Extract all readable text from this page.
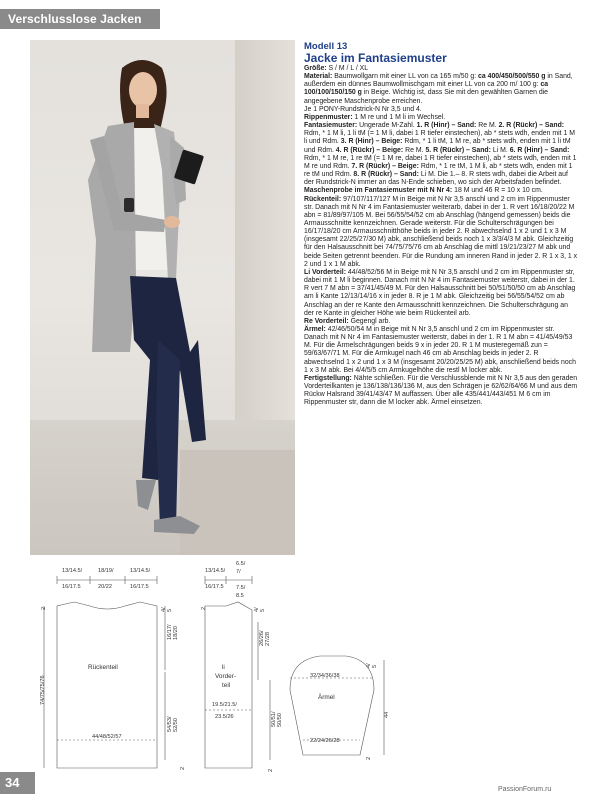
Verschlusslose Jacken
Modell 13
Jacke im Fantasiemuster

Größe: S / M / L / XL

Material: Baumwollgarn mit einer LL von ca 165 m/50 g: ca 400/450/500/550 g in Sand, außerdem ein dünnes Baumwollmischgarn mit einer LL von ca 200 m/ 100 g: ca 100/100/150/150 g in Beige. Wichtig ist, dass Sie mit den gewählten Garnen die angegebene Maschenprobe erreichen.

Je 1 PONY-Rundstrick-N Nr 3,5 und 4.

Rippenmuster: 1 M re und 1 M li im Wechsel.

Fantasiemuster: Ungerade M-Zahl. 1. R (Hinr) – Sand: Re M. 2. R (Rückr) – Sand: Rdm, * 1 M li, 1 li tM (= 1 M li, dabei 1 R tiefer einstechen), ab * stets wdh, enden mit 1 M li und Rdm. 3. R (Hinr) – Beige: Rdm, * 1 li tM, 1 M re, ab * stets wdh, enden mit 1 li tM und Rdm. 4. R (Rückr) – Beige: Re M. 5. R (Rückr) – Sand: Li M. 6. R (Hinr) – Sand: Rdm, * 1 M re, 1 re tM (= 1 M re, dabei 1 R tiefer einstechen), ab * stets wdh, enden mit 1 M re und Rdm. 7. R (Rückr) – Beige: Rdm, * 1 re tM, 1 M li, ab * stets wdh, enden mit 1 re tM und Rdm. 8. R (Rückr) – Sand: Li M. Die 1.– 8. R stets wdh, dabei die Arbeit auf der Rundstrick-N immer an das N-Ende schieben, wo sich der Arbeitsfaden befindet.

Maschenprobe im Fantasiemuster mit N Nr 4: 18 M und 46 R = 10 x 10 cm.

Rückenteil: 97/107/117/127 M in Beige mit N Nr 3,5 anschl und 2 cm im Rippenmuster str. Danach mit N Nr 4 im Fantasiemuster weiterarb, dabei in der 1. R vert 16/18/20/22 M abn = 81/89/97/105 M. Bei 56/55/54/52 cm ab Anschlag (hängend gemessen) beids die Armausschnitte kennzeichnen. Gerade weiterstr. Für die Schulterschrägungen bei 16/17/18/20 cm Armausschnitthöhe beids in jeder 2. R abwechselnd 1 x 2 und 1 x 3 M (insgesamt 22/25/27/30 M) abk, anschließend beids noch 1 x 3/3/4/3 M abk. Gleichzeitig für den Halsausschnitt bei 74/75/75/76 cm ab Anschlag die mittl 19/21/23/27 M abk und beide Seiten getrennt beenden. Für die Rundung am inneren Rand in jeder 2. R 1 x 3, 1 x 2 und 1 x 1 M abk.

Li Vorderteil: 44/48/52/56 M in Beige mit N Nr 3,5 anschl und 2 cm im Rippenmuster str, dabei mit 1 M li beginnen. Danach mit N Nr 4 im Fantasiemuster weiterstr, dabei in der 1. R vert 7 M abn = 37/41/45/49 M. Für den Halsausschnitt bei 50/51/50/50 cm ab Anschlag am li Kante 12/13/14/16 x in jeder 8. R je 1 M abk. Gleichzeitig bei 56/55/54/52 cm ab Anschlag an der re Kante den Armausschnitt kennzeichnen. Die Schulterschrägung an der re Kante in gleicher Höhe wie beim Rückenteil arb.

Re Vorderteil: Gegengl arb.

Ärmel: 42/46/50/54 M in Beige mit N Nr 3,5 anschl und 2 cm im Rippenmuster str. Danach mit N Nr 4 im Fantasiemuster weiterstr, dabei in der 1. R 1 M abn = 41/45/49/53 M. Für die Ärmelschrägungen beids 9 x in jeder 20. R 1 M musteregemäß zun = 59/63/67/71 M. Für die Armkugel nach 46 cm ab Anschlag beids in jeder 2. R abwechselnd 1 x 2 und 1 x 3 M (insgesamt 20/20/25/25 M) abk, anschließend beids noch 1 x 3 M abk. Bei 4/4/5/5 cm Armkugelhöhe die restl M locker abk.

Fertigstellung: Nähte schließen. Für die Verschlussblende mit N Nr 3,5 aus den geraden Vorderteilkanten je 136/138/136/136 M, aus den Schrägen je 62/62/64/66 M und aus dem Rückw Halsrand 39/41/43/47 M auffassen. Über alle 435/441/443/451 M 6 cm im Rippenmuster str, dann die M locker abk. Ärmel einsetzen.

13/14.5/
16/17.5
18/19/
20/22
13/14.5/
16/17.5
Rückenteil
44/48/52/57
74/75/75/76
2	4/ 5
16/17/ 18/20
54/53/ 52/50
2
13/14.5/
16/17.5
6.5/
7/
7.5/
8.5
li
Vorder-
teil
19.5/21.5/
23.5/26
4/ 5
26/26/ 27/28
50/51/ 50/50
2
2
32/34/36/38
Ärmel
22/24/26/28
4/ 5
44
2
34	PassionForum.ru
